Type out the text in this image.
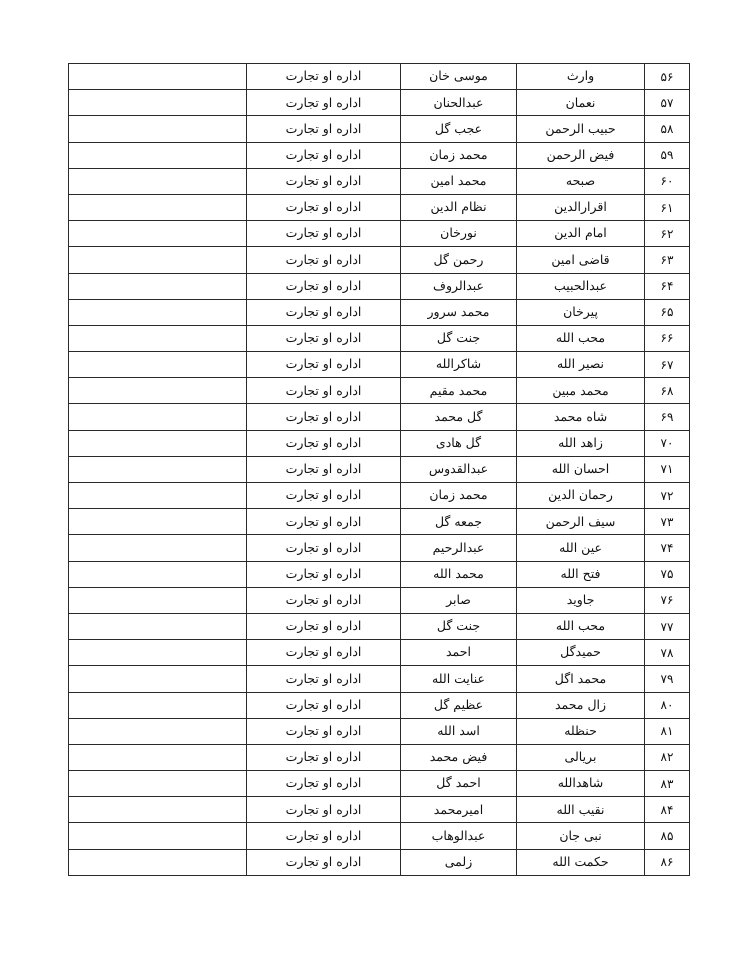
۵۶	وارث	موسی خان	اداره او تجارت	
۵۷	نعمان	عبدالحنان	اداره او تجارت	
۵۸	حبیب الرحمن	عجب گل	اداره او تجارت	
۵۹	فیض الرحمن	محمد زمان	اداره او تجارت	
۶۰	صبحه	محمد امین	اداره او تجارت	
۶۱	اقرارالدین	نظام الدین	اداره او تجارت	
۶۲	امام الدین	نورخان	اداره او تجارت	
۶۳	قاضی امین	رحمن گل	اداره او تجارت	
۶۴	عبدالحبیب	عبدالروف	اداره او تجارت	
۶۵	پیرخان	محمد سرور	اداره او تجارت	
۶۶	محب الله	جنت گل	اداره او تجارت	
۶۷	نصیر الله	شاکرالله	اداره او تجارت	
۶۸	محمد مبین	محمد مقیم	اداره او تجارت	
۶۹	شاه محمد	گل محمد	اداره او تجارت	
۷۰	زاهد الله	گل هادی	اداره او تجارت	
۷۱	احسان الله	عبدالقدوس	اداره او تجارت	
۷۲	رحمان الدین	محمد زمان	اداره او تجارت	
۷۳	سیف الرحمن	جمعه گل	اداره او تجارت	
۷۴	عین الله	عبدالرحیم	اداره او تجارت	
۷۵	فتح الله	محمد الله	اداره او تجارت	
۷۶	جاوید	صابر	اداره او تجارت	
۷۷	محب الله	جنت گل	اداره او تجارت	
۷۸	حمیدگل	احمد	اداره او تجارت	
۷۹	محمد اگل	عنایت الله	اداره او تجارت	
۸۰	زال محمد	عظیم گل	اداره او تجارت	
۸۱	حنظله	اسد الله	اداره او تجارت	
۸۲	بریالی	فیض محمد	اداره او تجارت	
۸۳	شاهدالله	احمد گل	اداره او تجارت	
۸۴	نقیب الله	امیرمحمد	اداره او تجارت	
۸۵	نبی جان	عبدالوهاب	اداره او تجارت	
۸۶	حکمت الله	زلمی	اداره او تجارت	
